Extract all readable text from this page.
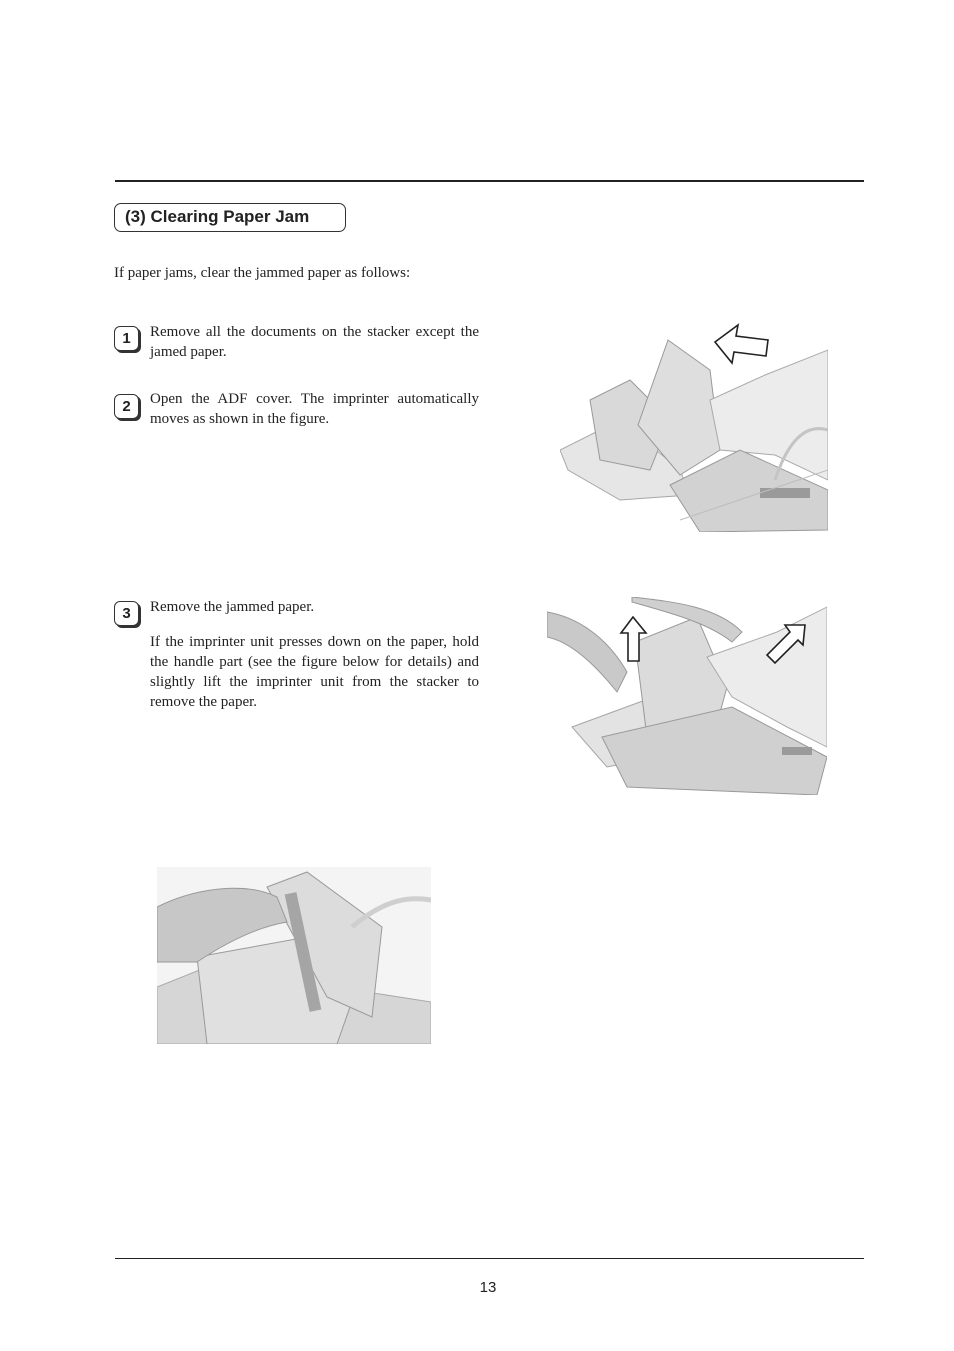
(3) Clearing Paper Jam
If paper jams, clear the jammed paper as follows:
1	Remove all the documents on the stacker except the jamed paper.
2	Open the ADF cover. The imprinter automatically moves as shown in the figure.
3	Remove the jammed paper.
If the imprinter unit presses down on the paper, hold the handle part (see the figure below for details) and slightly lift the imprinter unit from the stacker to remove the paper.
13
